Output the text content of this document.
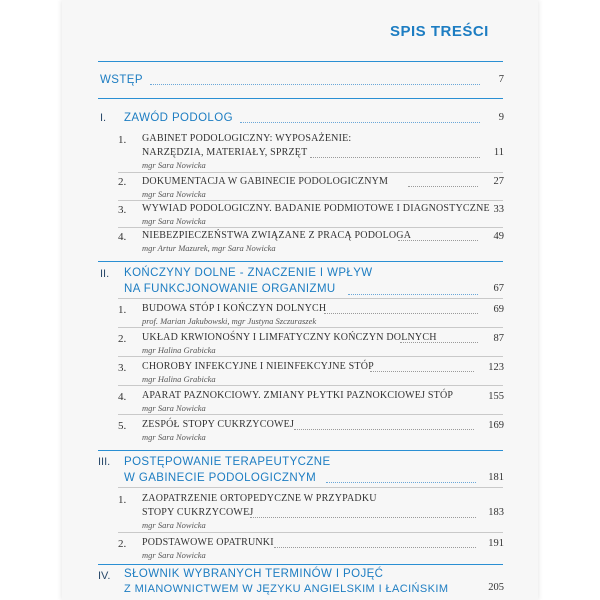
SPIS TREŚCI
WSTĘP	7
I. ZAWÓD PODOLOG	9
1. GABINET PODOLOGICZNY: WYPOSAŻENIE:
NARZĘDZIA, MATERIAŁY, SPRZĘT	11
mgr Sara Nowicka
2. DOKUMENTACJA W GABINECIE PODOLOGICZNYM	27
mgr Sara Nowicka
3. WYWIAD PODOLOGICZNY. BADANIE PODMIOTOWE I DIAGNOSTYCZNE 33
mgr Sara Nowicka
4. NIEBEZPIECZEŃSTWA ZWIĄZANE Z PRACĄ PODOLOGA	49
mgr Artur Mazurek, mgr Sara Nowicka
II. KOŃCZYNY DOLNE - ZNACZENIE I WPŁYW
NA FUNKCJONOWANIE ORGANIZMU	67
1. BUDOWA STÓP I KOŃCZYN DOLNYCH	69
prof. Marian Jakubowski, mgr Justyna Szczuraszek
2. UKŁAD KRWIONOŚNY I LIMFATYCZNY KOŃCZYN DOLNYCH	87
mgr Halina Grabicka
3. CHOROBY INFEKCYJNE I NIEINFEKCYJNE STÓP	123
mgr Halina Grabicka
4. APARAT PAZNOKCIOWY. ZMIANY PŁYTKI PAZNOKCIOWEJ STÓP	155
mgr Sara Nowicka
5. ZESPÓŁ STOPY CUKRZYCOWEJ	169
mgr Sara Nowicka
III. POSTĘPOWANIE TERAPEUTYCZNE
W GABINECIE PODOLOGICZNYM	181
1. ZAOPATRZENIE ORTOPEDYCZNE W PRZYPADKU
STOPY CUKRZYCOWEJ	183
mgr Sara Nowicka
2. PODSTAWOWE OPATRUNKI	191
mgr Sara Nowicka
IV. SŁOWNIK WYBRANYCH TERMINÓW I POJĘĆ
Z MIANOWNICTWEM W JĘZYKU ANGIELSKIM I ŁACIŃSKIM	205
